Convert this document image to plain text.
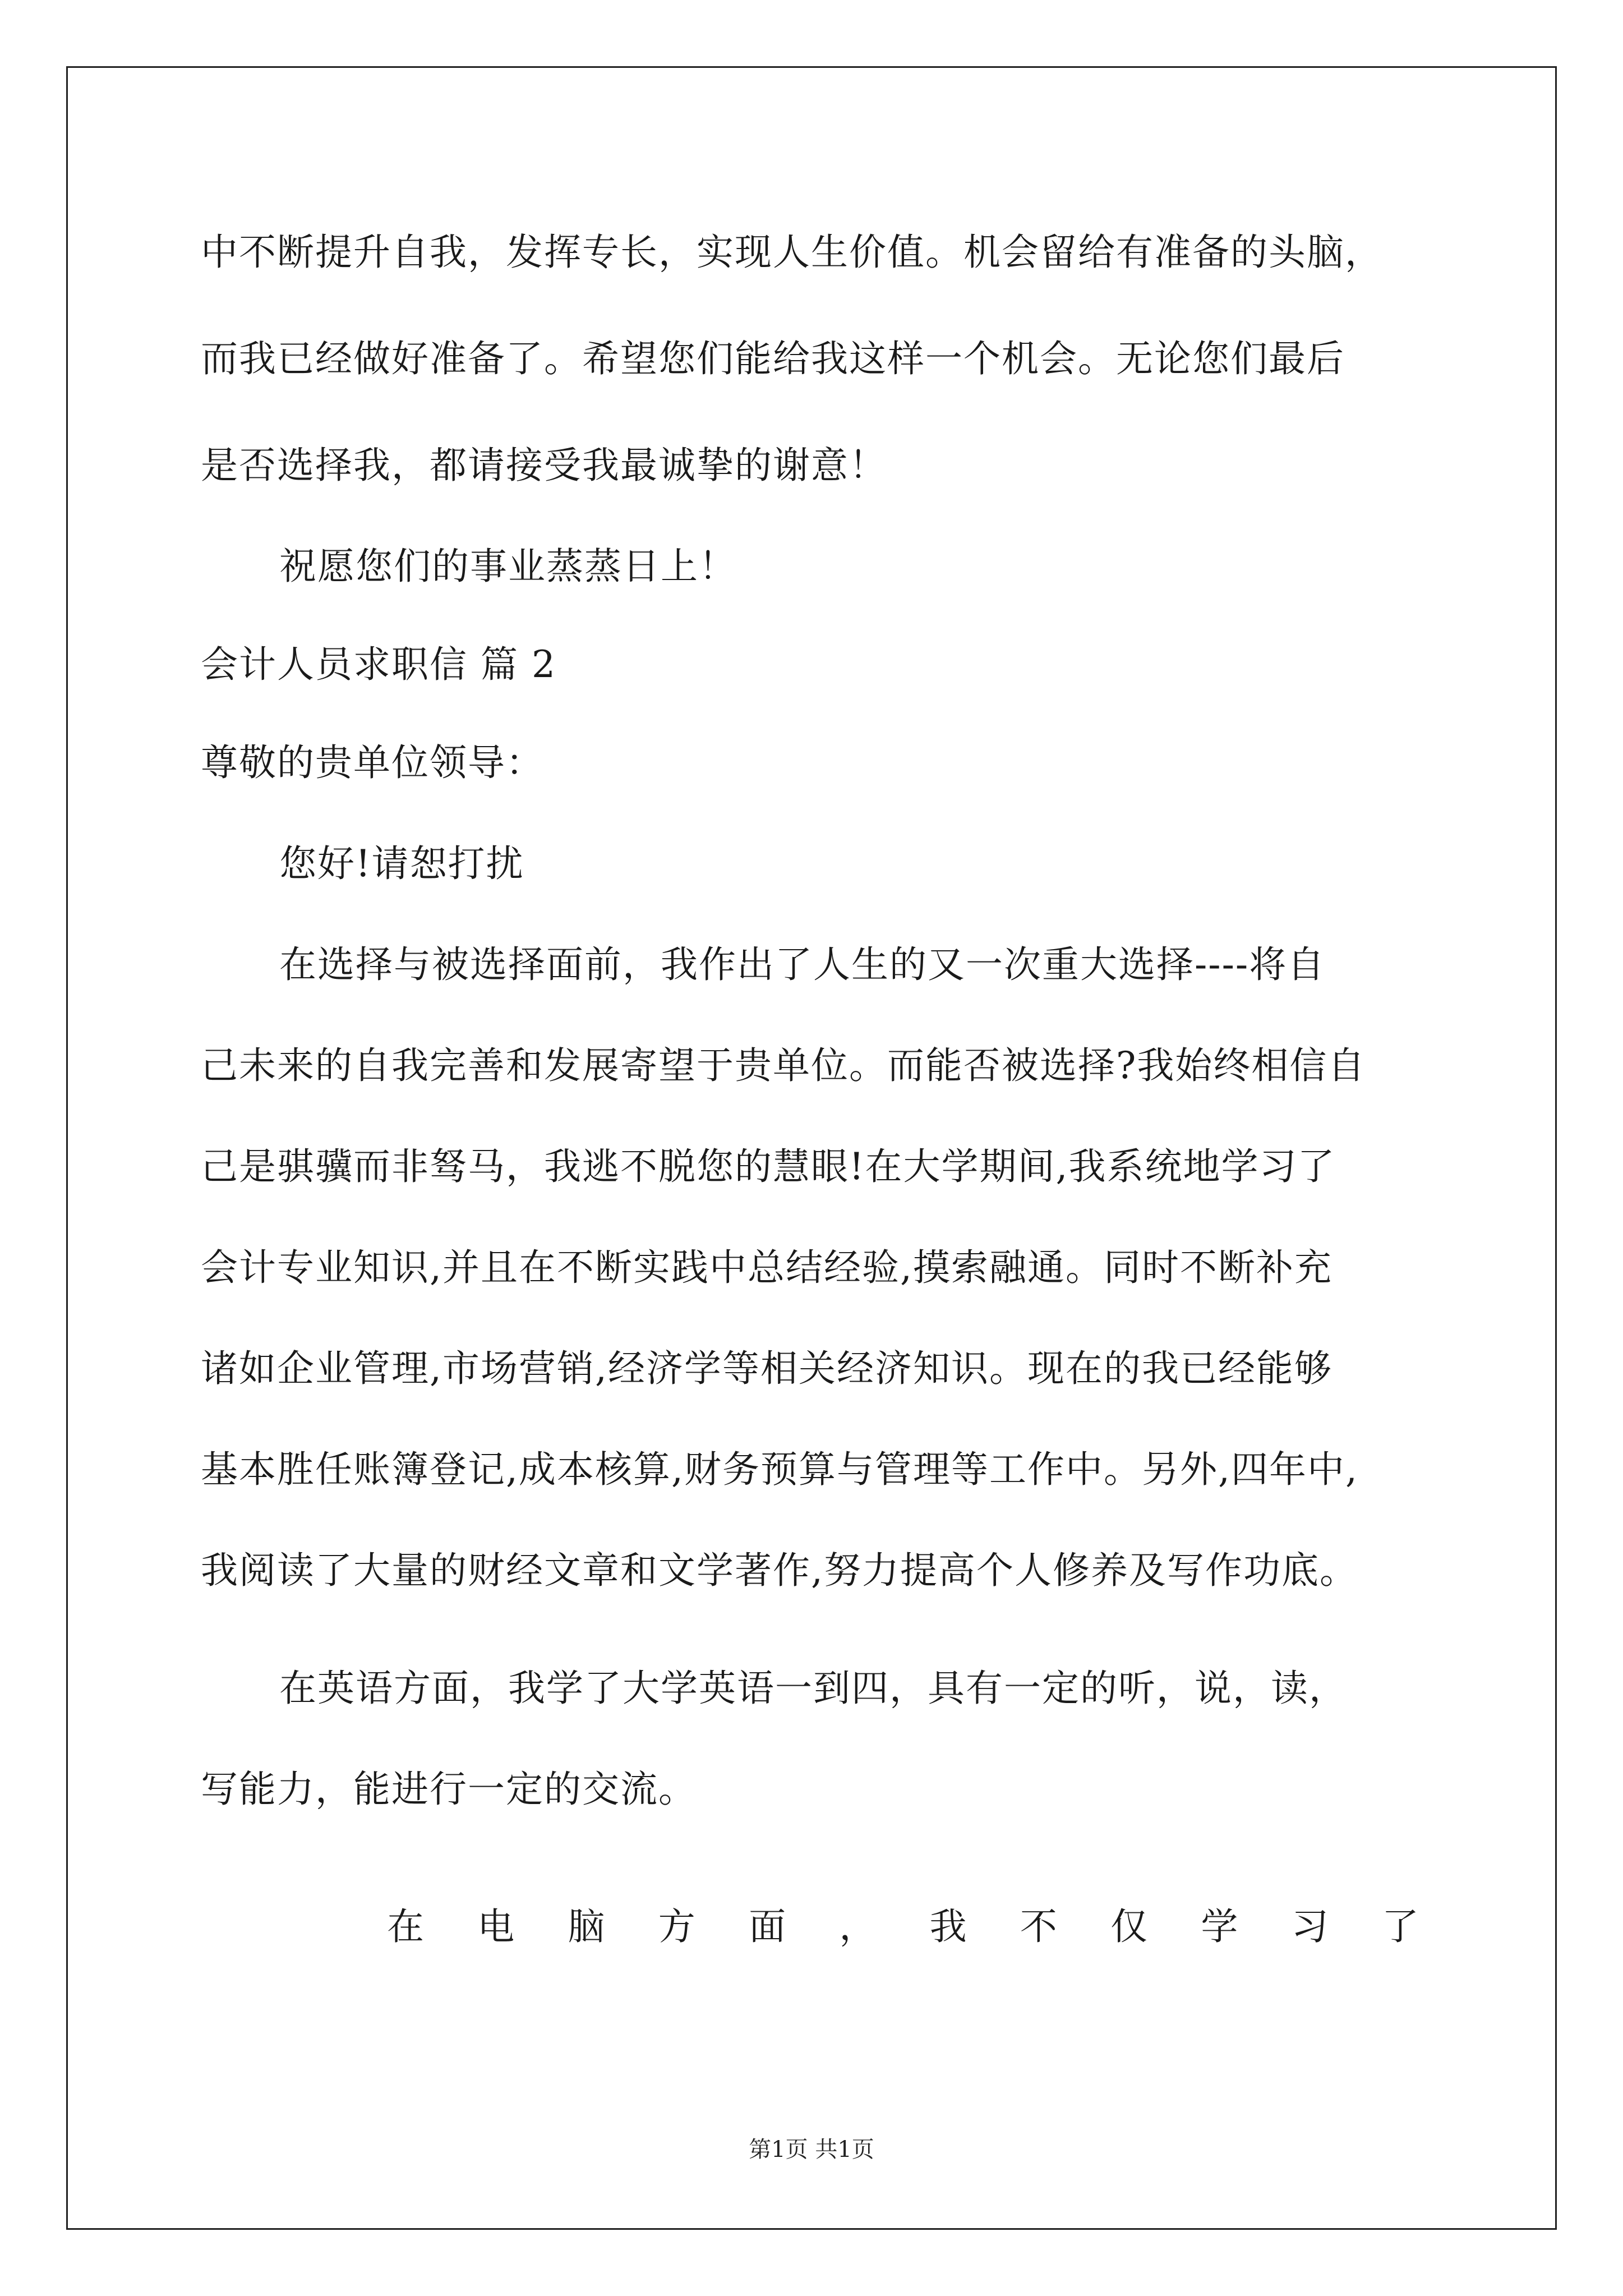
中不断提升自我，发挥专长，实现人生价值。机会留给有准备的头脑，
而我已经做好准备了。希望您们能给我这样一个机会。无论您们最后
是否选择我，都请接受我最诚挚的谢意！
祝愿您们的事业蒸蒸日上！
会计人员求职信 篇 2
尊敬的贵单位领导：
您好!请恕打扰
在选择与被选择面前，我作出了人生的又一次重大选择----将自
己未来的自我完善和发展寄望于贵单位。而能否被选择?我始终相信自
己是骐骥而非驽马，我逃不脱您的慧眼!在大学期间,我系统地学习了
会计专业知识,并且在不断实践中总结经验,摸索融通。同时不断补充
诸如企业管理,市场营销,经济学等相关经济知识。现在的我已经能够
基本胜任账簿登记,成本核算,财务预算与管理等工作中。另外,四年中,
我阅读了大量的财经文章和文学著作,努力提高个人修养及写作功底。
在英语方面，我学了大学英语一到四，具有一定的听，说，读，
写能力，能进行一定的交流。
在 电 脑 方 面 ， 我 不 仅 学 习 了
第1页 共1页
